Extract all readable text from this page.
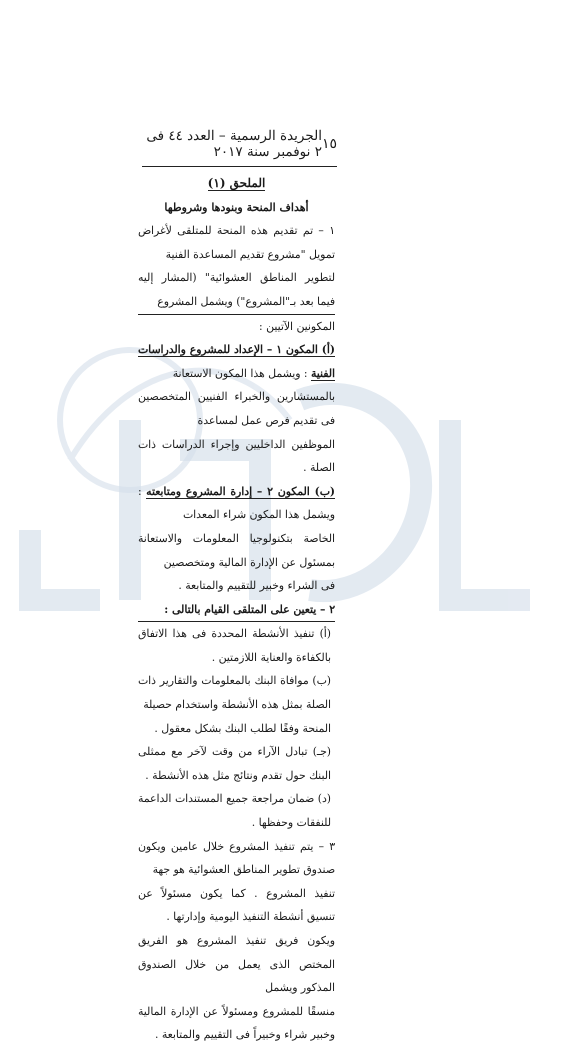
١٥
الجريدة الرسمية – العدد ٤٤ فى ٢ نوفمبر سنة ٢٠١٧

الملحق (١)

أهداف المنحة وبنودها وشروطها

١ – تم تقديم هذه المنحة للمتلقى لأغراض تمويل "مشروع تقديم المساعدة الفنية

لتطوير المناطق العشوائية" (المشار إليه فيما بعد بـ"المشروع") ويشمل المشروع

المكونين الآتيين :

(أ) المكون ١ – الإعداد للمشروع والدراسات الفنية : ويشمل هذا المكون الاستعانة

بالمستشارين والخبراء الفنيين المتخصصين فى تقديم فرص عمل لمساعدة

الموظفين الداخليين وإجراء الدراسات ذات الصلة .

(ب) المكون ٢ – إدارة المشروع ومتابعته : ويشمل هذا المكون شراء المعدات

الخاصة بتكنولوجيا المعلومات والاستعانة بمسئول عن الإدارة المالية ومتخصصين

فى الشراء وخبير للتقييم والمتابعة .

٢ – يتعين على المتلقى القيام بالتالى :

(أ) تنفيذ الأنشطة المحددة فى هذا الاتفاق بالكفاءة والعناية اللازمتين .

(ب) موافاة البنك بالمعلومات والتقارير ذات الصلة بمثل هذه الأنشطة واستخدام حصيلة

المنحة وفقًا لطلب البنك بشكل معقول .

(جـ) تبادل الآراء من وقت لآخر مع ممثلى البنك حول تقدم ونتائج مثل هذه الأنشطة .

(د) ضمان مراجعة جميع المستندات الداعمة للنفقات وحفظها .

٣ – يتم تنفيذ المشروع خلال عامين ويكون صندوق تطوير المناطق العشوائية هو جهة

تنفيذ المشروع . كما يكون مسئولاً عن تنسيق أنشطة التنفيذ اليومية وإدارتها .

ويكون فريق تنفيذ المشروع هو الفريق المختص الذى يعمل من خلال الصندوق المذكور ويشمل

منسقًا للمشروع ومسئولاً عن الإدارة المالية وخبير شراء وخبيراً فى التقييم والمتابعة .
